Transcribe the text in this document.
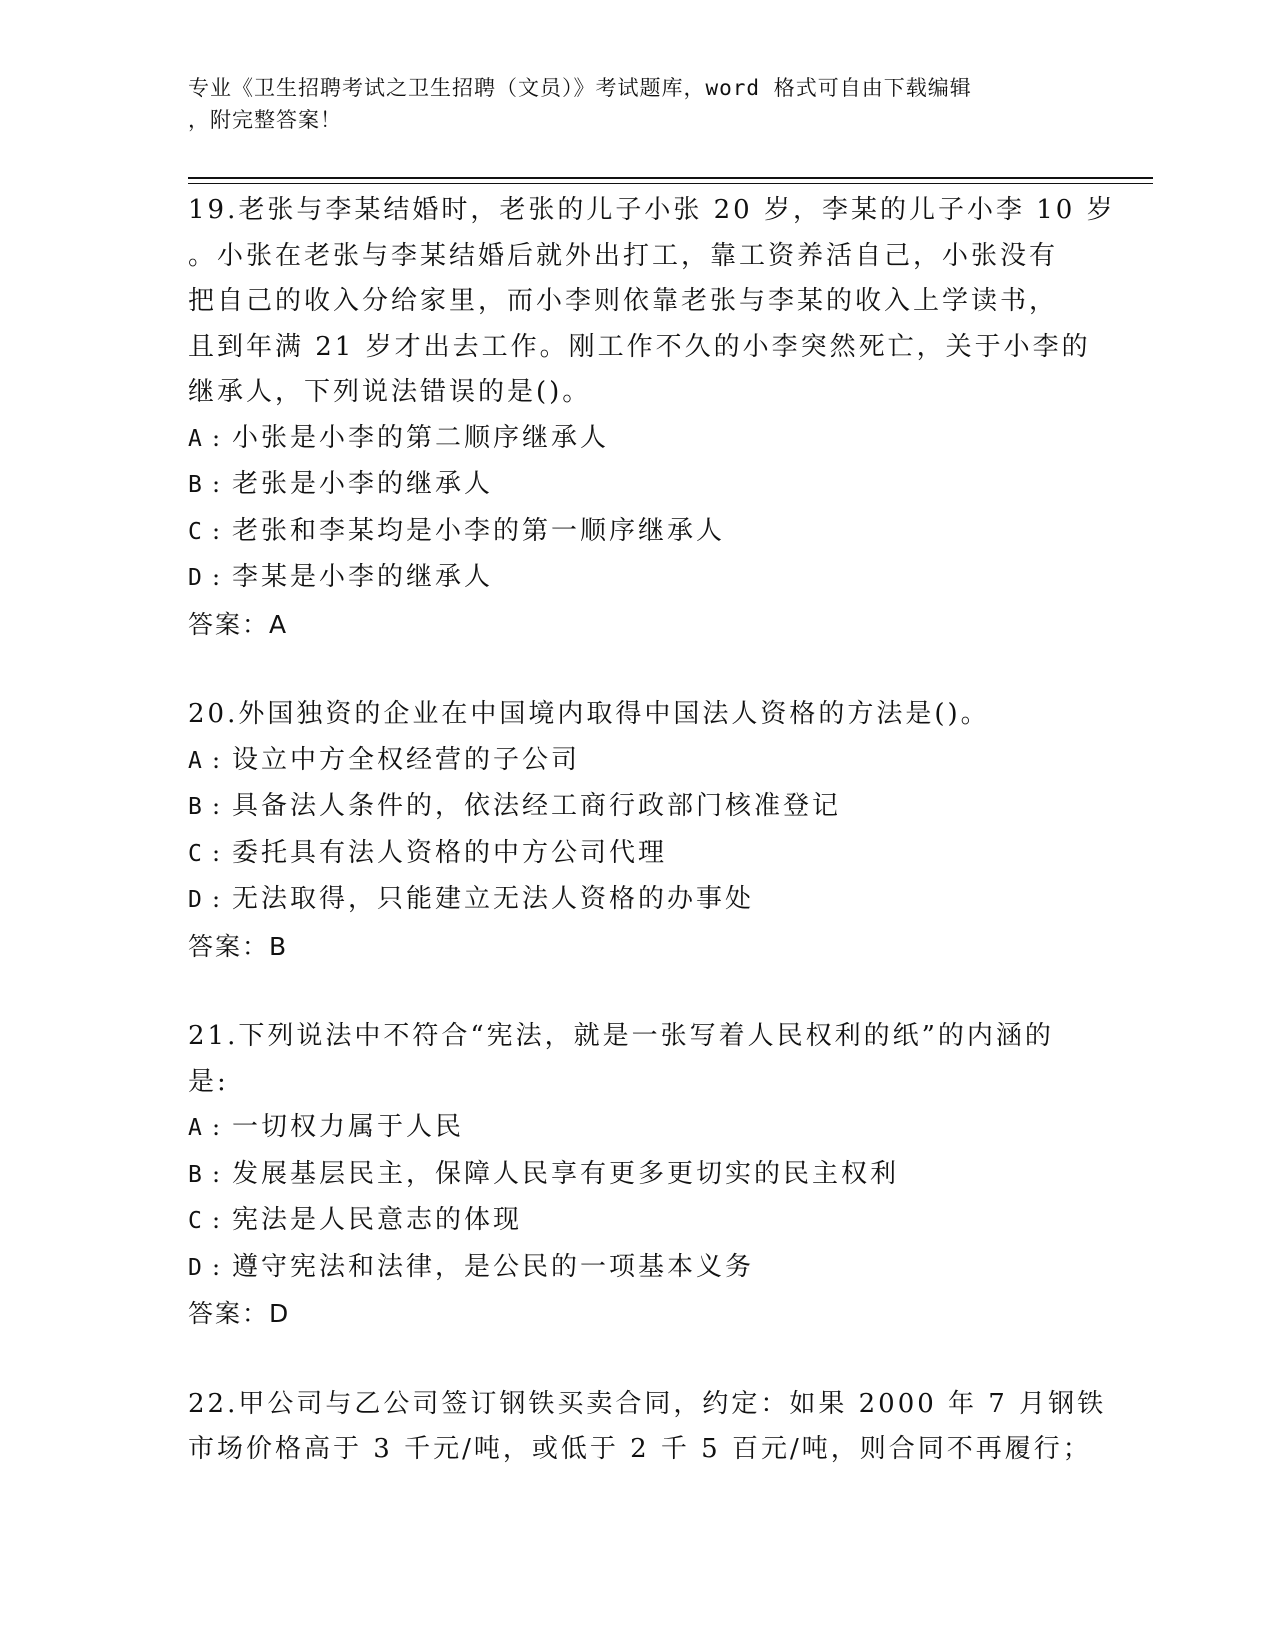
专业《卫生招聘考试之卫生招聘（文员）》考试题库，word 格式可自由下载编辑
，附完整答案！
19.老张与李某结婚时，老张的儿子小张 20 岁，李某的儿子小李 10 岁
。小张在老张与李某结婚后就外出打工，靠工资养活自己，小张没有
把自己的收入分给家里，而小李则依靠老张与李某的收入上学读书，
且到年满 21 岁才出去工作。刚工作不久的小李突然死亡，关于小李的
继承人，下列说法错误的是()。
A : 小张是小李的第二顺序继承人
B : 老张是小李的继承人
C : 老张和李某均是小李的第一顺序继承人
D : 李某是小李的继承人
答案：A
20.外国独资的企业在中国境内取得中国法人资格的方法是()。
A : 设立中方全权经营的子公司
B : 具备法人条件的，依法经工商行政部门核准登记
C : 委托具有法人资格的中方公司代理
D : 无法取得，只能建立无法人资格的办事处
答案：B
21.下列说法中不符合“宪法，就是一张写着人民权利的纸”的内涵的
是:
A : 一切权力属于人民
B : 发展基层民主，保障人民享有更多更切实的民主权利
C : 宪法是人民意志的体现
D : 遵守宪法和法律，是公民的一项基本义务
答案：D
22.甲公司与乙公司签订钢铁买卖合同，约定：如果 2000 年 7 月钢铁
市场价格高于 3 千元/吨，或低于 2 千 5 百元/吨，则合同不再履行；
